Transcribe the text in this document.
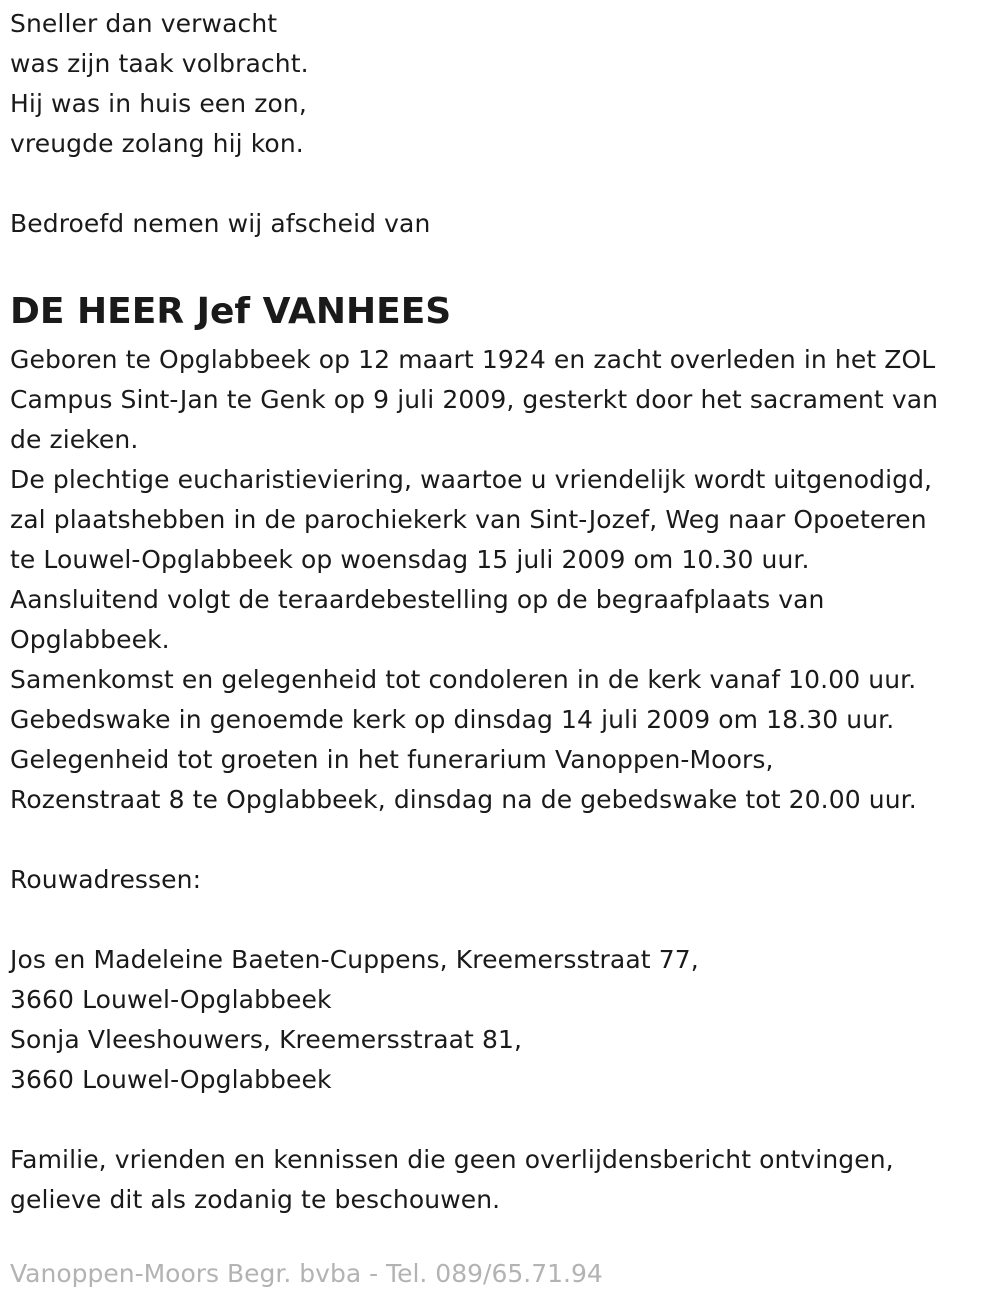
Sneller dan verwacht
was zijn taak volbracht.
Hij was in huis een zon,
vreugde zolang hij kon.
Bedroefd nemen wij afscheid van
DE HEER Jef VANHEES
Geboren te Opglabbeek op 12 maart 1924 en zacht overleden in het ZOL
Campus Sint-Jan te Genk op 9 juli 2009, gesterkt door het sacrament van
de zieken.
De plechtige eucharistieviering, waartoe u vriendelijk wordt uitgenodigd,
zal plaatshebben in de parochiekerk van Sint-Jozef, Weg naar Opoeteren
te Louwel-Opglabbeek op woensdag 15 juli 2009 om 10.30 uur.
Aansluitend volgt de teraardebestelling op de begraafplaats van
Opglabbeek.
Samenkomst en gelegenheid tot condoleren in de kerk vanaf 10.00 uur.
Gebedswake in genoemde kerk op dinsdag 14 juli 2009 om 18.30 uur.
Gelegenheid tot groeten in het funerarium Vanoppen-Moors,
Rozenstraat 8 te Opglabbeek, dinsdag na de gebedswake tot 20.00 uur.
Rouwadressen:
Jos en Madeleine Baeten-Cuppens, Kreemersstraat 77,
3660 Louwel-Opglabbeek
Sonja Vleeshouwers, Kreemersstraat 81,
3660 Louwel-Opglabbeek
Familie, vrienden en kennissen die geen overlijdensbericht ontvingen,
gelieve dit als zodanig te beschouwen.
Vanoppen-Moors Begr. bvba - Tel. 089/65.71.94
